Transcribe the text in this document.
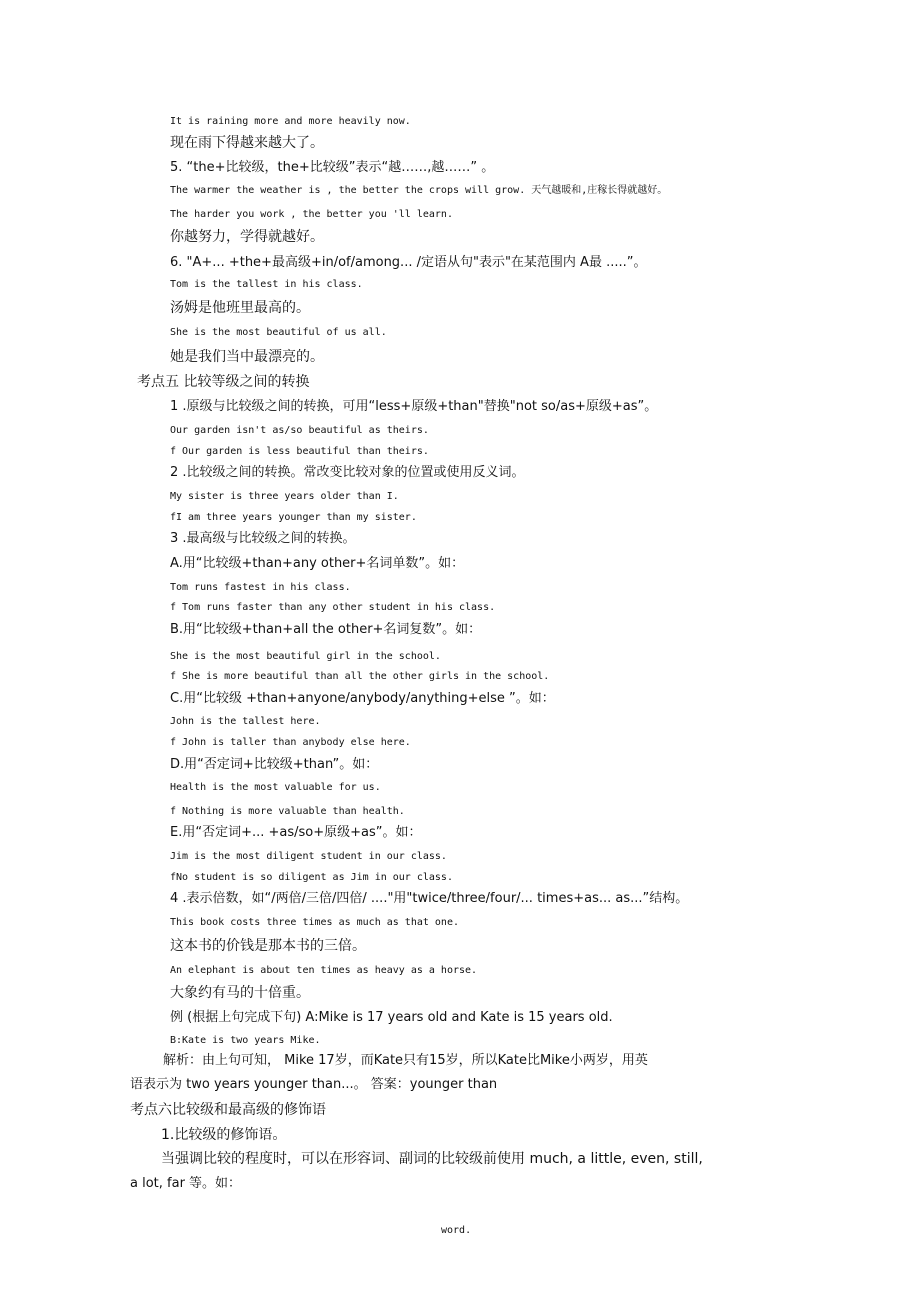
It is raining more and more heavily now.
现在雨下得越来越大了。
5. “the+比较级，the+比较级”表示“越……,越……” 。
The warmer the weather is , the better the crops will grow. 天气越暖和,庄稼长得就越好。
The harder you work , the better you 'll learn.
你越努力，学得就越好。
6. "A+... +the+最高级+in/of/among... /定语从句"表示"在某范围内 A最 .....”。
Tom is the tallest in his class.
汤姆是他班里最高的。
She is the most beautiful of us all.
她是我们当中最漂亮的。
考点五 比较等级之间的转换
1 .原级与比较级之间的转换，可用“less+原级+than"替换"not so/as+原级+as”。
Our garden isn't as/so beautiful as theirs.
f Our garden is less beautiful than theirs.
2 .比较级之间的转换。常改变比较对象的位置或使用反义词。
My sister is three years older than I.
fI am three years younger than my sister.
3 .最高级与比较级之间的转换。
A.用“比较级+than+any other+名词单数”。如：
Tom runs fastest in his class.
f Tom runs faster than any other student in his class.
B.用“比较级+than+all the other+名词复数”。如：
She is the most beautiful girl in the school.
f She is more beautiful than all the other girls in the school.
C.用“比较级 +than+anyone/anybody/anything+else ”。如：
John is the tallest here.
f John is taller than anybody else here.
D.用“否定词+比较级+than”。如：
Health is the most valuable for us.
f Nothing is more valuable than health.
E.用“否定词+... +as/so+原级+as”。如：
Jim is the most diligent student in our class.
fNo student is so diligent as Jim in our class.
4 .表示倍数，如“/两倍/三倍/四倍/ ...."用"twice/three/four/... times+as... as...”结构。
This book costs three times as much as that one.
这本书的价钱是那本书的三倍。
An elephant is about ten times as heavy as a horse.
大象约有马的十倍重。
例 (根据上句完成下句) A:Mike is 17 years old and Kate is 15 years old.
B:Kate is two years Mike.
解析：由上句可知， Mike 17岁，而Kate只有15岁，所以Kate比Mike小两岁，用英
语表示为 two years younger than...。 答案：younger than
考点六比较级和最高级的修饰语
1.比较级的修饰语。
当强调比较的程度时，可以在形容词、副词的比较级前使用 much, a little, even, still,
a lot, far 等。如：
word.
